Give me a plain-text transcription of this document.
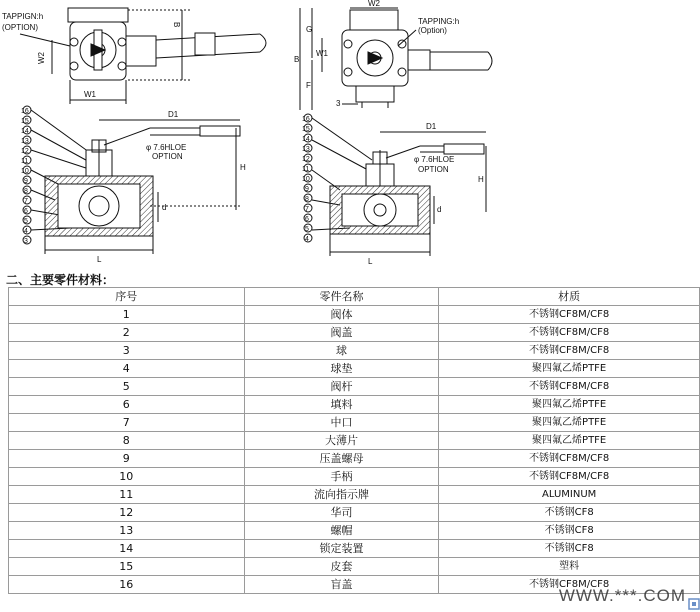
TAPPIGN:h
(OPTION)	B
W2
W1
W2
TAPPING:h
(Option)
B
G
F
W1
3
16
15
14
13
12
11
10
9
8
7
6
5
4
3
φ 7.6HLOE
OPTION
D1
H
L
d
16
15
14
13
12
11
10
9
8
7
6
5
4
φ 7.6HLOE
OPTION
D1
H
L
d
二、主要零件材料：
序号	零件名称	材质
1	阀体	不锈钢CF8M/CF8
2	阀盖	不锈钢CF8M/CF8
3	球	不锈钢CF8M/CF8
4	球垫	聚四氟乙烯PTFE
5	阀杆	不锈钢CF8M/CF8
6	填料	聚四氟乙烯PTFE
7	中口	聚四氟乙烯PTFE
8	大薄片	聚四氟乙烯PTFE
9	压盖螺母	不锈钢CF8M/CF8
10	手柄	不锈钢CF8M/CF8
11	流向指示牌	ALUMINUM
12	华司	不锈钢CF8
13	螺帽	不锈钢CF8
14	锁定装置	不锈钢CF8
15	皮套	塑料
16	盲盖	不锈钢CF8M/CF8
WWW.***.COM
